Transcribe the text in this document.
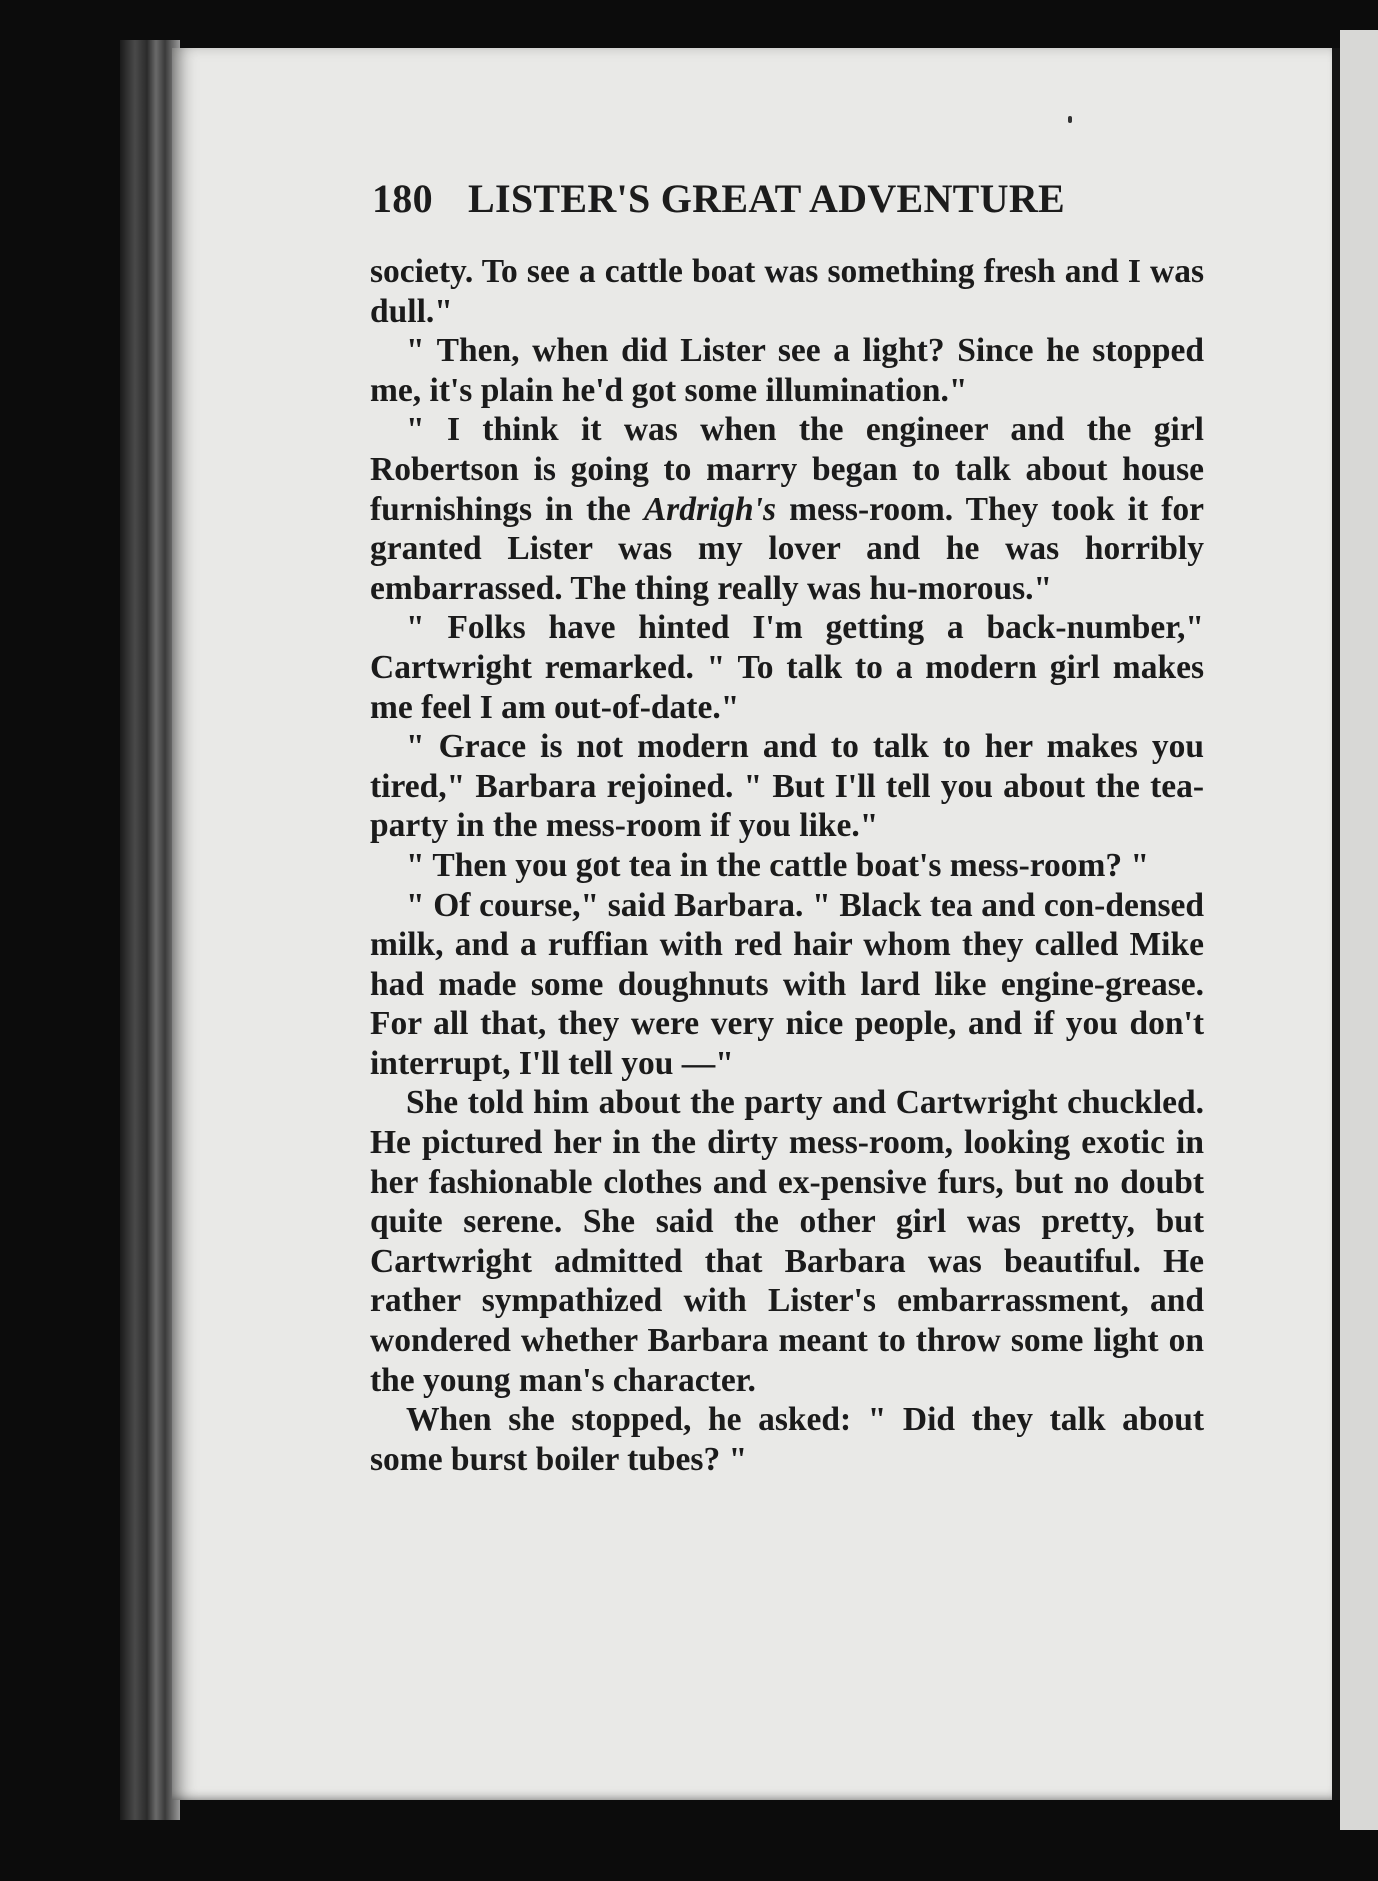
180 LISTER'S GREAT ADVENTURE

society. To see a cattle boat was something fresh and I was dull."

" Then, when did Lister see a light? Since he stopped me, it's plain he'd got some illumination."

" I think it was when the engineer and the girl Robertson is going to marry began to talk about house furnishings in the Ardrigh's mess-room. They took it for granted Lister was my lover and he was horribly embarrassed. The thing really was hu-morous."

" Folks have hinted I'm getting a back-number," Cartwright remarked. " To talk to a modern girl makes me feel I am out-of-date."

" Grace is not modern and to talk to her makes you tired," Barbara rejoined. " But I'll tell you about the tea-party in the mess-room if you like."

" Then you got tea in the cattle boat's mess-room? "

" Of course," said Barbara. " Black tea and con-densed milk, and a ruffian with red hair whom they called Mike had made some doughnuts with lard like engine-grease. For all that, they were very nice people, and if you don't interrupt, I'll tell you —"

She told him about the party and Cartwright chuckled. He pictured her in the dirty mess-room, looking exotic in her fashionable clothes and ex-pensive furs, but no doubt quite serene. She said the other girl was pretty, but Cartwright admitted that Barbara was beautiful. He rather sympathized with Lister's embarrassment, and wondered whether Barbara meant to throw some light on the young man's character.

When she stopped, he asked: " Did they talk about some burst boiler tubes? "
